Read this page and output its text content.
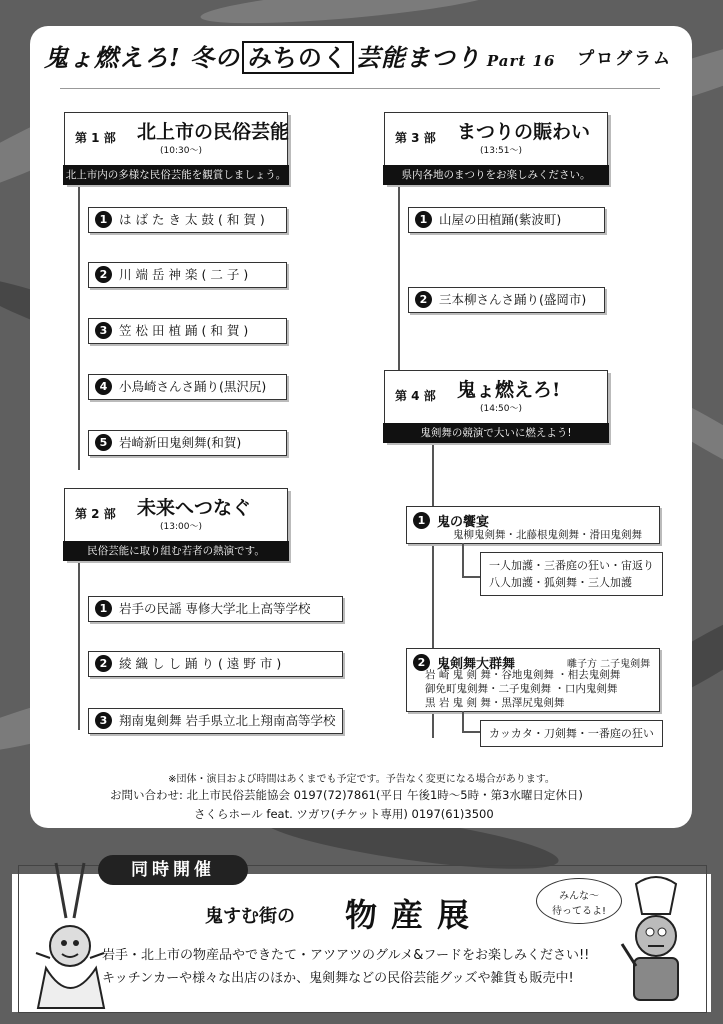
鬼ょ燃えろ! 冬の みちのく 芸能まつり Part 16 プログラム
第 1 部 北上市の民俗芸能
(10:30〜)
北上市内の多様な民俗芸能を観賞しましょう。
1 はばたき太鼓(和賀)
2 川端岳神楽(二子)
3 笠松田植踊(和賀)
4 小鳥崎さんさ踊り(黒沢尻)
5 岩崎新田鬼剣舞(和賀)
第 2 部 未来へつなぐ
(13:00〜)
民俗芸能に取り組む若者の熱演です。
1 岩手の民謡 専修大学北上高等学校
2 綾織しし踊り(遠野市)
3 翔南鬼剣舞 岩手県立北上翔南高等学校
第 3 部 まつりの賑わい
(13:51〜)
県内各地のまつりをお楽しみください。
1 山屋の田植踊(紫波町)
2 三本柳さんさ踊り(盛岡市)
第 4 部 鬼ょ燃えろ!
(14:50〜)
鬼剣舞の競演で大いに燃えよう!
1 鬼の饗宴
鬼柳鬼剣舞・北藤根鬼剣舞・滑田鬼剣舞
一人加護・三番庭の狂い・宙返り
八人加護・狐剣舞・三人加護
2 鬼剣舞大群舞	囃子方 二子鬼剣舞
岩 崎 鬼 剣 舞・谷地鬼剣舞 ・相去鬼剣舞
御免町鬼剣舞・二子鬼剣舞 ・口内鬼剣舞
黒 岩 鬼 剣 舞・黒澤尻鬼剣舞
カッカタ・刀剣舞・一番庭の狂い
※団体・演目および時間はあくまでも予定です。予告なく変更になる場合があります。
お問い合わせ: 北上市民俗芸能協会 0197(72)7861(平日 午後1時〜5時・第3水曜日定休日)
さくらホール feat. ツガワ(チケット専用) 0197(61)3500
同時開催
鬼すむ街の 物産展
岩手・北上市の物産品やできたて・アツアツのグルメ&フードをお楽しみください!!
キッチンカーや様々な出店のほか、鬼剣舞などの民俗芸能グッズや雑貨も販売中!
みんな〜
待ってるよ!
